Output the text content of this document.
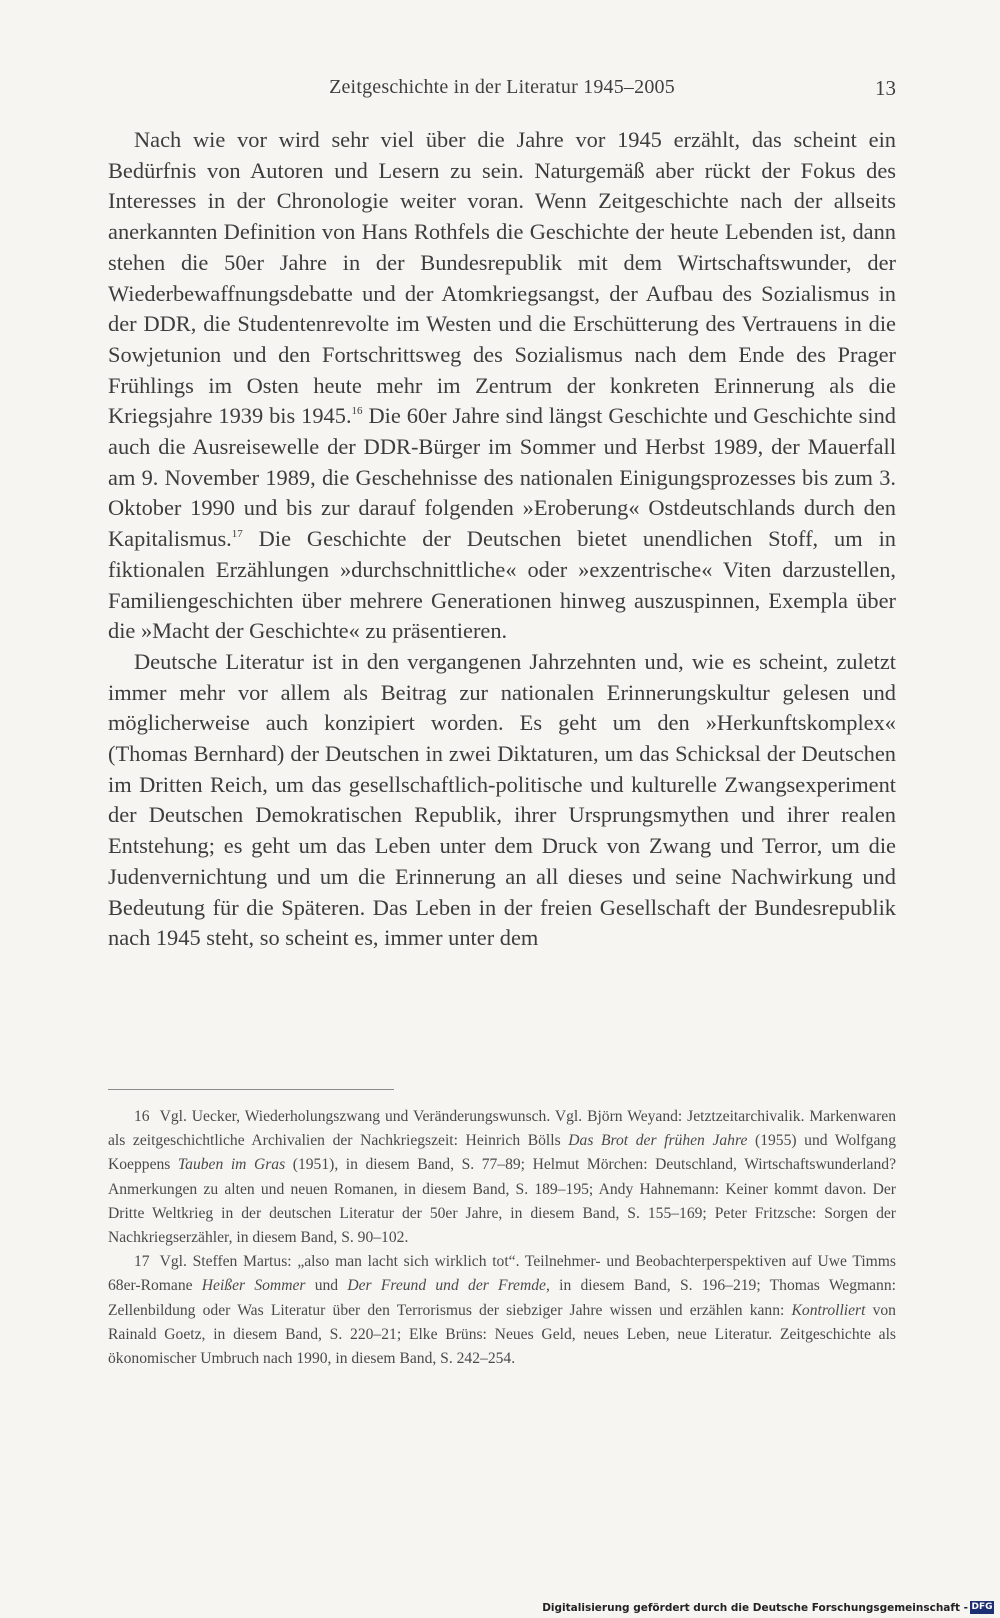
Zeitgeschichte in der Literatur 1945–2005	13

Nach wie vor wird sehr viel über die Jahre vor 1945 erzählt, das scheint ein Bedürfnis von Autoren und Lesern zu sein. Naturgemäß aber rückt der Fokus des Interesses in der Chronologie weiter voran. Wenn Zeitgeschichte nach der allseits anerkannten Definition von Hans Rothfels die Geschichte der heute Lebenden ist, dann stehen die 50er Jahre in der Bundesrepublik mit dem Wirtschaftswunder, der Wiederbewaffnungsdebatte und der Atomkriegsangst, der Aufbau des Sozialismus in der DDR, die Studentenrevolte im Westen und die Erschütterung des Vertrauens in die Sowjetunion und den Fortschrittsweg des Sozialismus nach dem Ende des Prager Frühlings im Osten heute mehr im Zentrum der konkreten Erinnerung als die Kriegsjahre 1939 bis 1945.16 Die 60er Jahre sind längst Geschichte und Geschichte sind auch die Ausreisewelle der DDR-Bürger im Sommer und Herbst 1989, der Mauerfall am 9. November 1989, die Geschehnisse des nationalen Einigungsprozesses bis zum 3. Oktober 1990 und bis zur darauf folgenden »Eroberung« Ostdeutschlands durch den Kapitalismus.$^{17}$ Die Geschichte der Deutschen bietet unendlichen Stoff, um in fiktionalen Erzählungen »durchschnittliche« oder »exzentrische« Viten darzustellen, Familiengeschichten über mehrere Generationen hinweg auszuspinnen, Exempla über die »Macht der Geschichte« zu präsentieren.

Deutsche Literatur ist in den vergangenen Jahrzehnten und, wie es scheint, zuletzt immer mehr vor allem als Beitrag zur nationalen Erinnerungskultur gelesen und möglicherweise auch konzipiert worden. Es geht um den »Herkunftskomplex« (Thomas Bernhard) der Deutschen in zwei Diktaturen, um das Schicksal der Deutschen im Dritten Reich, um das gesellschaftlich-politische und kulturelle Zwangsexperiment der Deutschen Demokratischen Republik, ihrer Ursprungsmythen und ihrer realen Entstehung; es geht um das Leben unter dem Druck von Zwang und Terror, um die Judenvernichtung und um die Erinnerung an all dieses und seine Nachwirkung und Bedeutung für die Späteren. Das Leben in der freien Gesellschaft der Bundesrepublik nach 1945 steht, so scheint es, immer unter dem

16 Vgl. Uecker, Wiederholungszwang und Veränderungswunsch. Vgl. Björn Weyand: Jetztzeitarchivalik. Markenwaren als zeitgeschichtliche Archivalien der Nachkriegszeit: Heinrich Bölls Das Brot der frühen Jahre (1955) und Wolfgang Koeppens Tauben im Gras (1951), in diesem Band, S. 77–89; Helmut Mörchen: Deutschland, Wirtschaftswunderland? Anmerkungen zu alten und neuen Romanen, in diesem Band, S. 189–195; Andy Hahnemann: Keiner kommt davon. Der Dritte Weltkrieg in der deutschen Literatur der 50er Jahre, in diesem Band, S. 155–169; Peter Fritzsche: Sorgen der Nachkriegserzähler, in diesem Band, S. 90–102.

17 Vgl. Steffen Martus: „also man lacht sich wirklich tot“. Teilnehmer- und Beobachterperspektiven auf Uwe Timms 68er-Romane Heißer Sommer und Der Freund und der Fremde, in diesem Band, S. 196–219; Thomas Wegmann: Zellenbildung oder Was Literatur über den Terrorismus der siebziger Jahre wissen und erzählen kann: Kontrolliert von Rainald Goetz, in diesem Band, S. 220–21; Elke Brüns: Neues Geld, neues Leben, neue Literatur. Zeitgeschichte als ökonomischer Umbruch nach 1990, in diesem Band, S. 242–254.

Digitalisierung gefördert durch die Deutsche Forschungsgemeinschaft - DFG
